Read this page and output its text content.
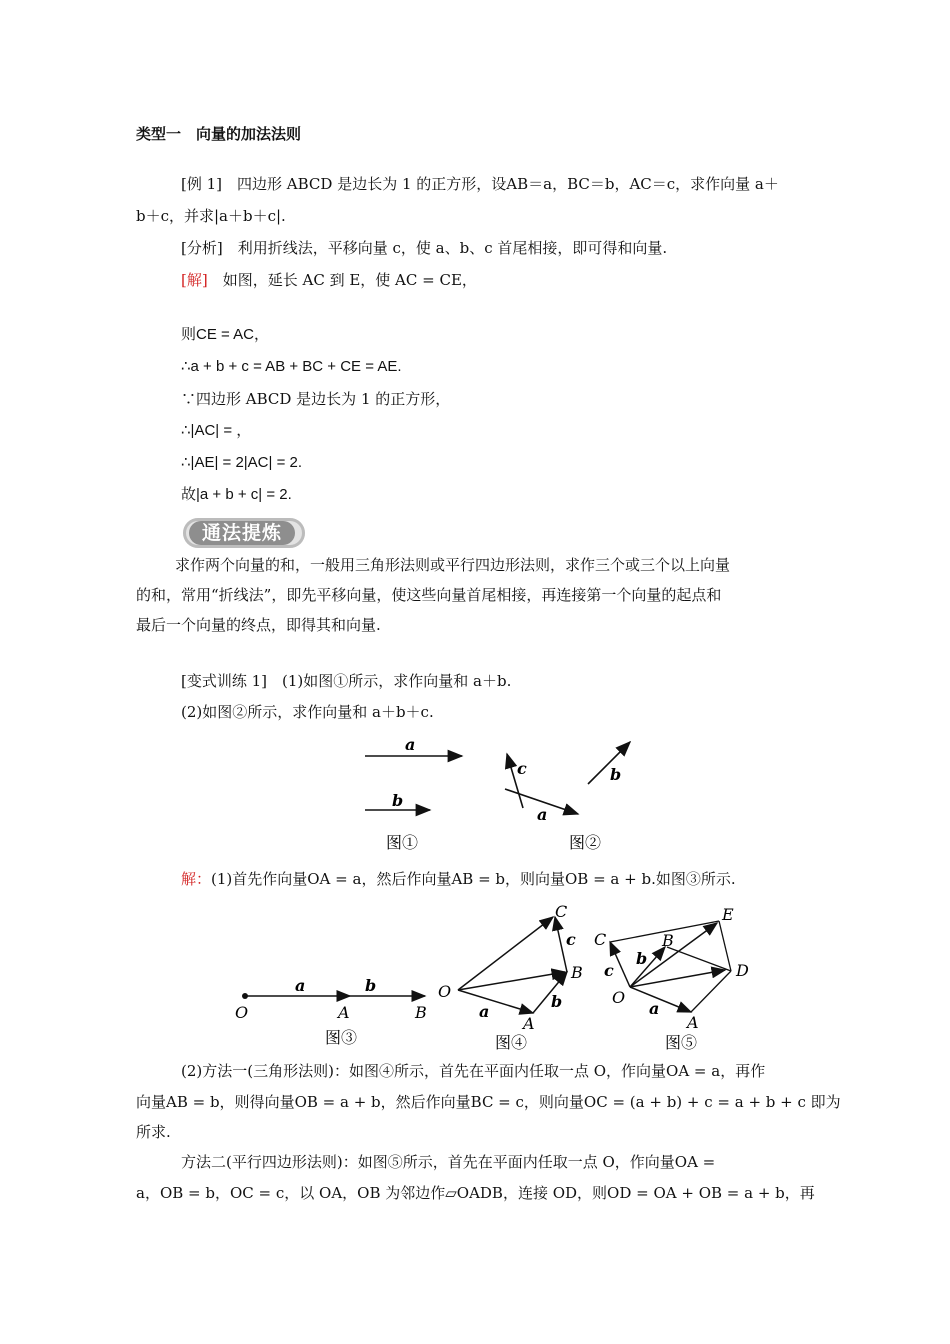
类型一　向量的加法法则
[例 1]　四边形 ABCD 是边长为 1 的正方形，设AB＝a，BC＝b，AC＝c，求作向量 a＋
b＋c，并求|a＋b＋c|.
[分析]　利用折线法，平移向量 c，使 a、b、c 首尾相接，即可得和向量.
[解]　如图，延长 AC 到 E，使 AC = CE，
则CE = AC，
∴a + b + c = AB + BC + CE = AE.
∵四边形 ABCD 是边长为 1 的正方形，
∴|AC| = ，
∴|AE| = 2|AC| = 2.
故|a + b + c| = 2.
通法提炼
　求作两个向量的和，一般用三角形法则或平行四边形法则，求作三个或三个以上向量
的和，常用“折线法”，即先平移向量，使这些向量首尾相接，再连接第一个向量的起点和
最后一个向量的终点，即得其和向量.
[变式训练 1]　(1)如图①所示，求作向量和 a＋b.
(2)如图②所示，求作向量和 a＋b＋c.
a
b
图①
c
a
b
图②
解：(1)首先作向量OA = a，然后作向量AB = b，则向量OB = a + b.如图③所示.
O	A	B
a	b
图③
O
A
B
C
a
b
c
图④
O
A
B
C
D
E
a
b
c
图⑤
(2)方法一(三角形法则)：如图④所示，首先在平面内任取一点 O，作向量OA = a，再作
向量AB = b，则得向量OB = a + b，然后作向量BC = c，则向量OC = (a + b) + c = a + b + c 即为
所求.
方法二(平行四边形法则)：如图⑤所示，首先在平面内任取一点 O，作向量OA =
a，OB = b，OC = c，以 OA，OB 为邻边作▱OADB，连接 OD，则OD = OA + OB = a + b，再
